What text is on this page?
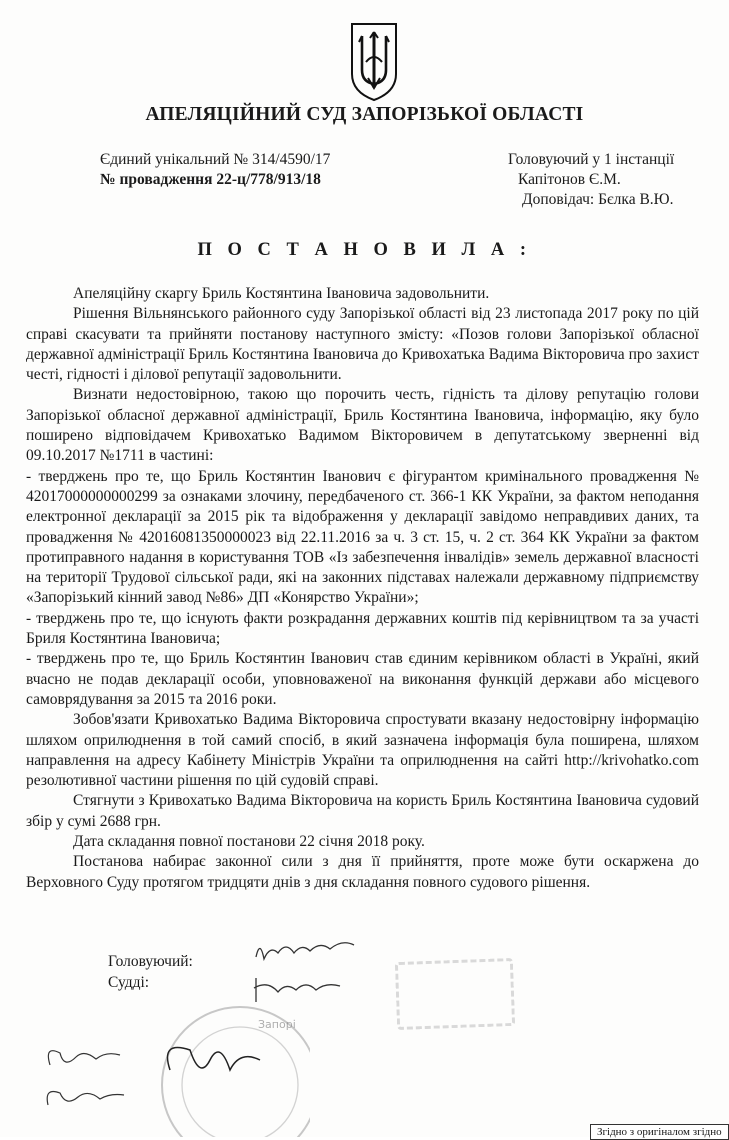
АПЕЛЯЦІЙНИЙ СУД ЗАПОРІЗЬКОЇ ОБЛАСТІ
Єдиний унікальний № 314/4590/17
№ провадження 22-ц/778/913/18
Головуючий у 1 інстанції
Капітонов Є.М.
Доповідач: Бєлка В.Ю.
П О С Т А Н О В И Л А :

Апеляційну скаргу Бриль Костянтина Івановича задовольнити.

Рішення Вільнянського районного суду Запорізької області від 23 листопада 2017 року по цій справі скасувати та прийняти постанову наступного змісту: «Позов голови Запорізької обласної державної адміністрації Бриль Костянтина Івановича до Кривохатька Вадима Вікторовича про захист честі, гідності і ділової репутації задовольнити.

Визнати недостовірною, такою що порочить честь, гідність та ділову репутацію голови Запорізької обласної державної адміністрації, Бриль Костянтина Івановича, інформацію, яку було поширено відповідачем Кривохатько Вадимом Вікторовичем в депутатському зверненні від 09.10.2017 №1711 в частині:

- тверджень про те, що Бриль Костянтин Іванович є фігурантом кримінального провадження № 42017000000000299 за ознаками злочину, передбаченого ст. 366-1 КК України, за фактом неподання електронної декларації за 2015 рік та відображення у декларації завідомо неправдивих даних, та провадження № 42016081350000023 від 22.11.2016 за ч. 3 ст. 15, ч. 2 ст. 364 КК України за фактом протиправного надання в користування ТОВ «Із забезпечення інвалідів» земель державної власності на території Трудової сільської ради, які на законних підставах належали державному підприємству «Запорізький кінний завод №86» ДП «Конярство України»;

- тверджень про те, що існують факти розкрадання державних коштів під керівництвом та за участі Бриля Костянтина Івановича;

- тверджень про те, що Бриль Костянтин Іванович став єдиним керівником області в Україні, який вчасно не подав декларації особи, уповноваженої на виконання функцій держави або місцевого самоврядування за 2015 та 2016 роки.

Зобов'язати Кривохатько Вадима Вікторовича спростувати вказану недостовірну інформацію шляхом оприлюднення в той самий спосіб, в який зазначена інформація була поширена, шляхом направлення на адресу Кабінету Міністрів України та оприлюднення на сайті http://krivohatko.com резолютивної частини рішення по цій судовій справі.

Стягнути з Кривохатько Вадима Вікторовича на користь Бриль Костянтина Івановича судовий збір у сумі 2688 грн.

Дата складання повної постанови 22 січня 2018 року.

Постанова набирає законної сили з дня її прийняття, проте може бути оскаржена до Верховного Суду протягом тридцяти днів з дня складання повного судового рішення.

Головуючий:
Судді:
Запорі
Згідно з оригіналом згідно
